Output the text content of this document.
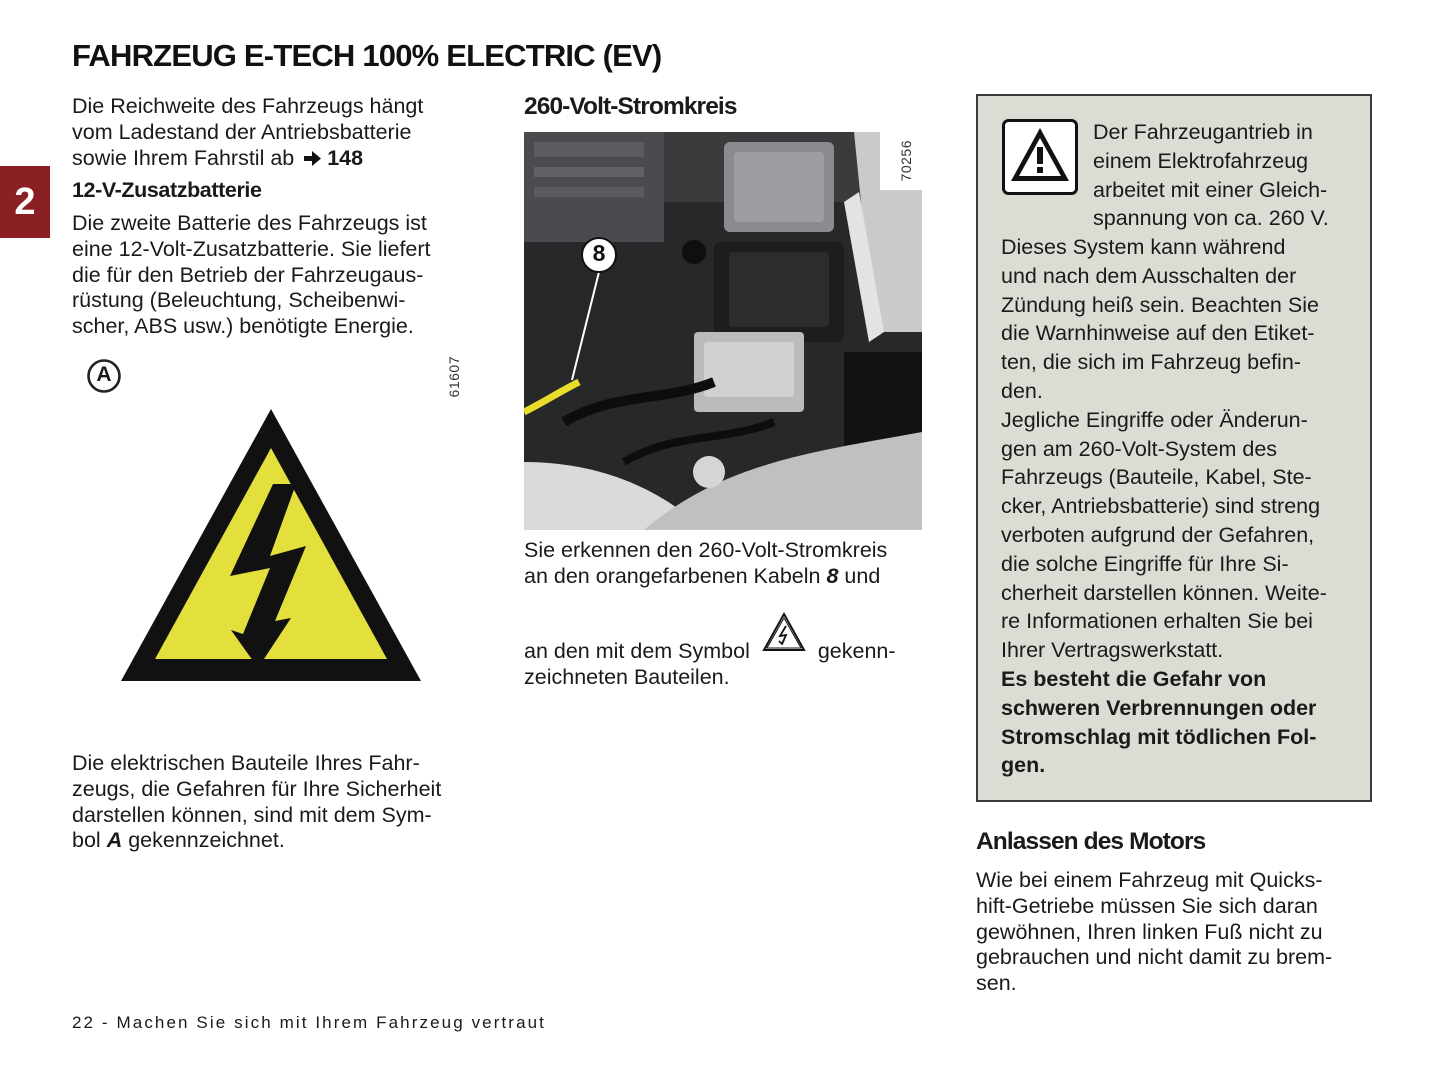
FAHRZEUG E-TECH 100% ELECTRIC (EV)
2

Die Reichweite des Fahrzeugs hängt

vom Ladestand der Antriebsbatterie

sowie Ihrem Fahrstil ab 148

12-V-Zusatzbatterie

Die zweite Batterie des Fahrzeugs ist

eine 12-Volt-Zusatzbatterie. Sie liefert

die für den Betrieb der Fahrzeugaus-

rüstung (Beleuchtung, Scheibenwi-

scher, ABS usw.) benötigte Energie.

A	61607

Die elektrischen Bauteile Ihres Fahr-

zeugs, die Gefahren für Ihre Sicherheit

darstellen können, sind mit dem Sym-

bol A gekennzeichnet.

260-Volt-Stromkreis
8
70256

Sie erkennen den 260-Volt-Stromkreis

an den orangefarbenen Kabeln 8 und

an den mit dem Symbol	gekenn-

zeichneten Bauteilen.

Der Fahrzeugantrieb in

einem Elektrofahrzeug

arbeitet mit einer Gleich-

spannung von ca. 260 V.

Dieses System kann während

und nach dem Ausschalten der

Zündung heiß sein. Beachten Sie

die Warnhinweise auf den Etiket-

ten, die sich im Fahrzeug befin-

den.

Jegliche Eingriffe oder Änderun-

gen am 260-Volt-System des

Fahrzeugs (Bauteile, Kabel, Ste-

cker, Antriebsbatterie) sind streng

verboten aufgrund der Gefahren,

die solche Eingriffe für Ihre Si-

cherheit darstellen können. Weite-

re Informationen erhalten Sie bei

Ihrer Vertragswerkstatt.

Es besteht die Gefahr von

schweren Verbrennungen oder

Stromschlag mit tödlichen Fol-

gen.

Anlassen des Motors

Wie bei einem Fahrzeug mit Quicks-

hift-Getriebe müssen Sie sich daran

gewöhnen, Ihren linken Fuß nicht zu

gebrauchen und nicht damit zu brem-

sen.

22 - Machen Sie sich mit Ihrem Fahrzeug vertraut
